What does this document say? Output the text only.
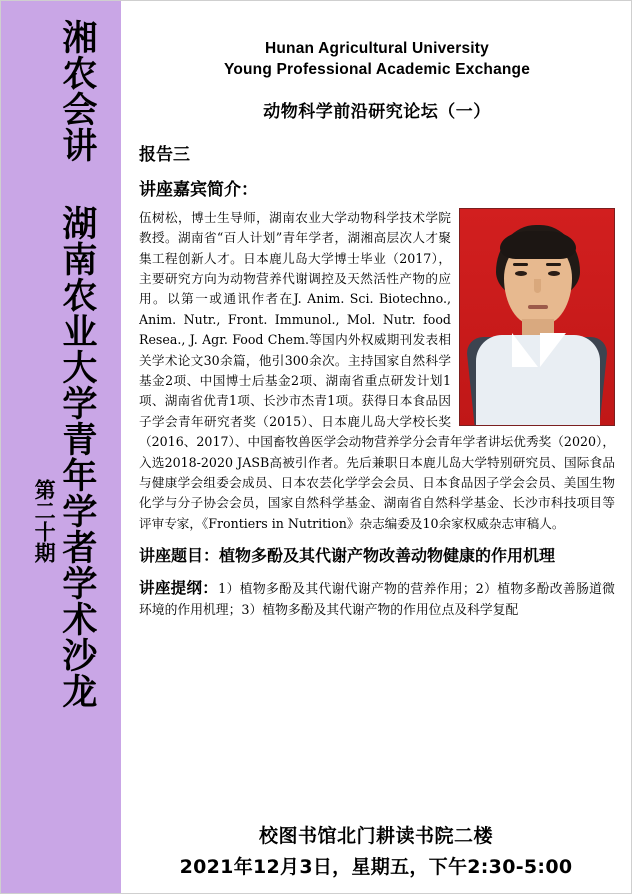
湘农会讲 湖南农业大学青年学者学术沙龙
第二十期
Hunan Agricultural University
Young Professional Academic Exchange
动物科学前沿研究论坛（一）
报告三
讲座嘉宾简介：
伍树松，博士生导师，湖南农业大学动物科学技术学院教授。湖南省“百人计划”青年学者，湖湘高层次人才聚集工程创新人才。日本鹿儿岛大学博士毕业（2017），主要研究方向为动物营养代谢调控及天然活性产物的应用。以第一或通讯作者在J. Anim. Sci. Biotechno., Anim. Nutr., Front. Immunol., Mol. Nutr. food Resea., J. Agr. Food Chem.等国内外权威期刊发表相关学术论文30余篇，他引300余次。主持国家自然科学基金2项、中国博士后基金2项、湖南省重点研发计划1项、湖南省优青1项、长沙市杰青1项。获得日本食品因子学会青年研究者奖（2015）、日本鹿儿岛大学校长奖（2016、2017）、中国畜牧兽医学会动物营养学分会青年学者讲坛优秀奖（2020），入选2018-2020 JASB高被引作者。先后兼职日本鹿儿岛大学特别研究员、国际食品与健康学会组委会成员、日本农芸化学学会会员、日本食品因子学会会员、美国生物化学与分子协会会员，国家自然科学基金、湖南省自然科学基金、长沙市科技项目等评审专家，《Frontiers in Nutrition》杂志编委及10余家权威杂志审稿人。
讲座题目：植物多酚及其代谢产物改善动物健康的作用机理
讲座提纲：1）植物多酚及其代谢代谢产物的营养作用；2）植物多酚改善肠道微环境的作用机理；3）植物多酚及其代谢产物的作用位点及科学复配
校图书馆北门耕读书院二楼
2021年12月3日，星期五，下午2:30-5:00
